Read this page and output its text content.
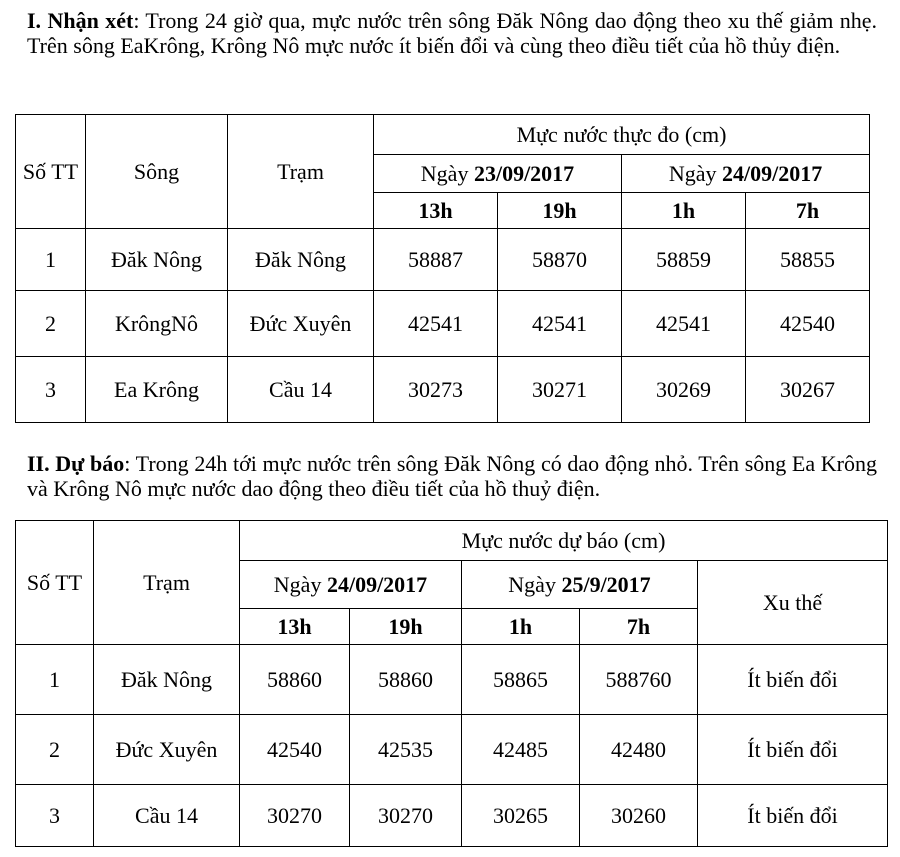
I. Nhận xét: Trong 24 giờ qua, mực nước trên sông Đăk Nông dao động theo xu thế giảm nhẹ. Trên sông EaKrông, Krông Nô mực nước ít biến đổi và cùng theo điều tiết của hồ thủy điện.
Số TT	Sông	Trạm	Mực nước thực đo (cm)			
			Ngày 23/09/2017		Ngày 24/09/2017	
			13h	19h	1h	7h
1	Đăk Nông	Đăk Nông	58887	58870	58859	58855
2	KrôngNô	Đức Xuyên	42541	42541	42541	42540
3	Ea Krông	Cầu 14	30273	30271	30269	30267
II. Dự báo: Trong 24h tới mực nước trên sông Đăk Nông có dao động nhỏ. Trên sông Ea Krông và Krông Nô mực nước dao động theo điều tiết của hồ thuỷ điện.
Số TT	Trạm	Mực nước dự báo (cm)				
		Ngày 24/09/2017		Ngày 25/9/2017		Xu thế
		13h	19h	1h	7h	
1	Đăk Nông	58860	58860	58865	588760	Ít biến đổi
2	Đức Xuyên	42540	42535	42485	42480	Ít biến đổi
3	Cầu 14	30270	30270	30265	30260	Ít biến đổi
